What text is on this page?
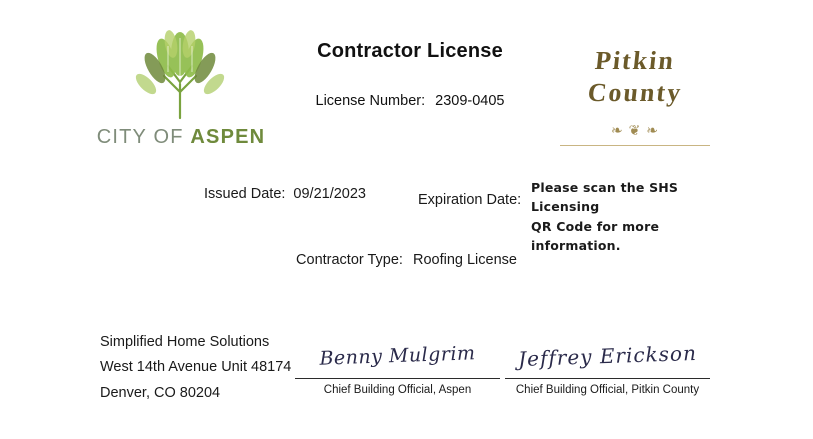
CITY OF ASPEN
Contractor License
License Number: 2309-0405
Pitkin
County
❧ ❦ ❧
Issued Date: 09/21/2023	Expiration Date:
Please scan the SHS Licensing
QR Code for more information.
Contractor Type: Roofing License
Simplified Home Solutions
West 14th Avenue Unit 48174
Denver, CO 80204
Benny Mulgrim
Chief Building Official, Aspen
Jeffrey Erickson
Chief Building Official, Pitkin County
